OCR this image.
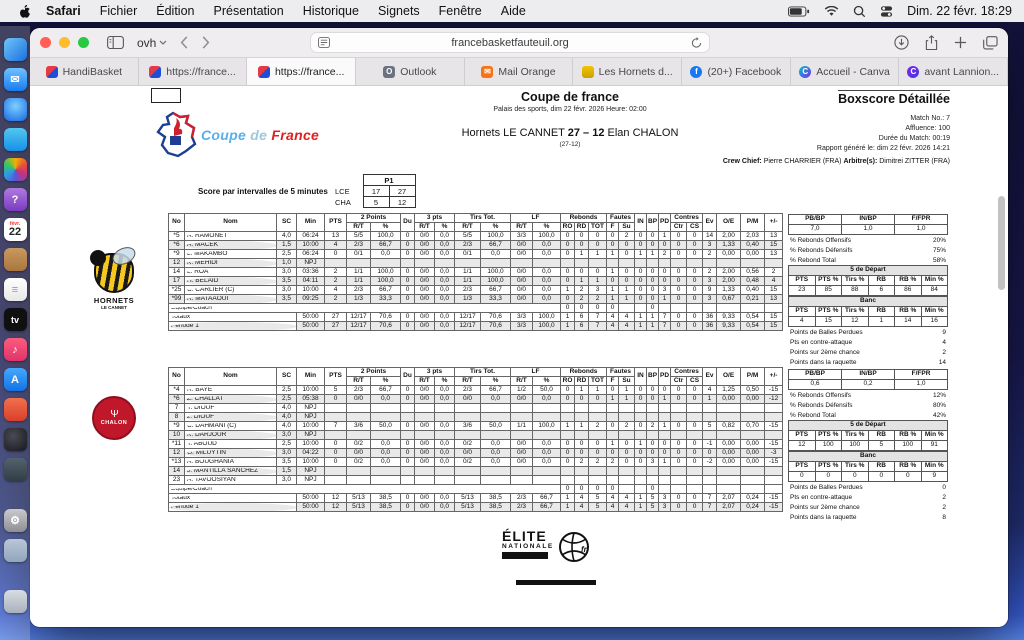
Safari Fichier Édition Présentation Historique Signets Fenêtre Aide	Dim. 22 févr. 18:29
✉
?
févr.
22
≡
tv
♪
A
⚙
ovh	francebasketfauteuil.org
HandiBasket	https://france...	https://france...	O Outlook	✉ Mail Orange	Les Hornets d...	f (20+) Facebook	C Accueil - Canva	C avant Lannion...
Coupe de France
Coupe de france
Palais des sports, dim 22 févr. 2026 Heure: 02:00
Hornets LE CANNET 27 – 12 Elan CHALON
(27-12)
Boxscore Détaillée
Match No.: 7
Affluence: 100
Durée du Match: 00:19
Rapport généré le: dim 22 févr. 2026 14:21
Crew Chief: Pierre CHARRIER (FRA) Arbitre(s): Dimitrei ZITTER (FRA)
Score par intervalles de 5 minutes
	P1	
LCE	17	27
CHA	5	12
HORNETS
LE CANNET
Ψ
CHALON
No	Nom	SC	Min	PTS	2 Points		Du	3 pts		Tirs Tot.		LF		Rebonds			Fautes		IN	BP	PD	Contres		Ev	O/E	P/M	+/-
					R/T	%		R/T	%	R/T	%	R/T	%	RO	RD	TOT	F	Su				Ctr	CS				
*5	A. RAMONET	4,0	06:24	13	5/5	100,0	0	0/0	0,0	5/5	100,0	3/3	100,0	0	0	0	0	2	0	0	1	0	0	14	2,00	2,03	13
*6	A. MACEK	1,5	10:00	4	2/3	66,7	0	0/0	0,0	2/3	66,7	0/0	0,0	0	0	0	0	0	0	0	0	0	0	3	1,33	0,40	15
*9	L. MAKAMBO	2,5	06:24	0	0/1	0,0	0	0/0	0,0	0/1	0,0	0/0	0,0	0	1	1	1	0	1	1	2	0	0	2	0,00	0,00	13
12	K. MEHIDI	1,0	NPJ																								
14	L. ROA	3,0	03:36	2	1/1	100,0	0	0/0	0,0	1/1	100,0	0/0	0,0	0	0	0	1	0	0	0	0	0	0	2	2,00	0,56	2
17	H. BELAID	3,5	04:11	2	1/1	100,0	0	0/0	0,0	1/1	100,0	0/0	0,0	0	1	1	0	0	0	0	0	0	0	3	2,00	0,48	4
*25	C. CARLIER (C)	3,0	10:00	4	2/3	66,7	0	0/0	0,0	2/3	66,7	0/0	0,0	1	2	3	1	1	0	0	3	0	0	9	1,33	0,40	15
*99	R. MATAAOUI	3,5	09:25	2	1/3	33,3	0	0/0	0,0	1/3	33,3	0/0	0,0	0	2	2	1	1	0	0	1	0	0	3	0,67	0,21	13
Equipe/Coach														0	0	0	0			0							
Totaux			50:00	27	12/17	70,6	0	0/0	0,0	12/17	70,6	3/3	100,0	1	6	7	4	4	1	1	7	0	0	36	9,33	0,54	15
Période 1			50:00	27	12/17	70,6	0	0/0	0,0	12/17	70,6	3/3	100,0	1	6	7	4	4	1	1	7	0	0	36	9,33	0,54	15
No	Nom	SC	Min	PTS	2 Points		Du	3 pts		Tirs Tot.		LF		Rebonds			Fautes		IN	BP	PD	Contres		Ev	O/E	P/M	+/-
					R/T	%		R/T	%	R/T	%	R/T	%	RO	RD	TOT	F	Su				Ctr	CS				
*4	R. BAYE	2,5	10:00	5	2/3	66,7	0	0/0	0,0	2/3	66,7	1/2	50,0	0	1	1	0	1	0	0	0	0	0	4	1,25	0,50	-15
*6	Z. CHALLAT	2,5	05:38	0	0/0	0,0	0	0/0	0,0	0/0	0,0	0/0	0,0	0	0	0	1	1	0	0	1	0	0	1	0,00	0,00	-12
7	Y. DIOUF	4,0	NPJ																								
8	z. DIOUF	4,0	NPJ																								
*9	C. DAHMANI (C)	4,0	10:00	7	3/6	50,0	0	0/0	0,0	3/6	50,0	1/1	100,0	1	1	2	0	2	0	2	1	0	0	5	0,82	0,70	-15
10	K. DARJOUR	3,0	NPJ																								
*11	Y. ABOUD	2,5	10:00	0	0/2	0,0	0	0/0	0,0	0/2	0,0	0/0	0,0	0	0	0	1	0	1	0	0	0	0	-1	0,00	0,00	-15
12	G. MILUYTIN	3,0	04:22	0	0/0	0,0	0	0/0	0,0	0/0	0,0	0/0	0,0	0	0	0	0	0	0	0	0	0	0	0	0,00	0,00	-3
*13	A. BOUGHANIA	3,5	10:00	0	0/2	0,0	0	0/0	0,0	0/2	0,0	0/0	0,0	0	2	2	2	0	0	3	1	0	0	-2	0,00	0,00	-15
14	J. MANTILLA SANCHEZ	1,5	NPJ																								
23	A. TAVOOSIYAN	3,0	NPJ																								
Equipe/Coach														0	0	0	0			0							
Totaux			50:00	12	5/13	38,5	0	0/0	0,0	5/13	38,5	2/3	66,7	1	4	5	4	4	1	5	3	0	0	7	2,07	0,24	-15
Période 1			50:00	12	5/13	38,5	0	0/0	0,0	5/13	38,5	2/3	66,7	1	4	5	4	4	1	5	3	0	0	7	2,07	0,24	-15
PB/BP	IN/BP	F/FPR
7,0	1,0	1,0
% Rebonds Offensifs	20%
% Rebonds Défensifs	75%
% Rebond Total	58%
5 de Départ					
PTS	PTS %	Tirs %	RB	RB %	Min %
23	85	88	6	86	84
Banc					
PTS	PTS %	Tirs %	RB	RB %	Min %
4	15	12	1	14	16
Points de Balles Perdues	9
Pts en contre-attaque	4
Points sur 2ème chance	2
Points dans la raquette	14
PB/BP	IN/BP	F/FPR
0,6	0,2	1,0
% Rebonds Offensifs	12%
% Rebonds Défensifs	80%
% Rebond Total	42%
5 de Départ					
PTS	PTS %	Tirs %	RB	RB %	Min %
12	100	100	5	100	91
Banc					
PTS	PTS %	Tirs %	RB	RB %	Min %
0	0	0	0	0	9
Points de Balles Perdues	0
Pts en contre-attaque	2
Points sur 2ème chance	2
Points dans la raquette	8
ÉLITE
NATIONALE	fr
